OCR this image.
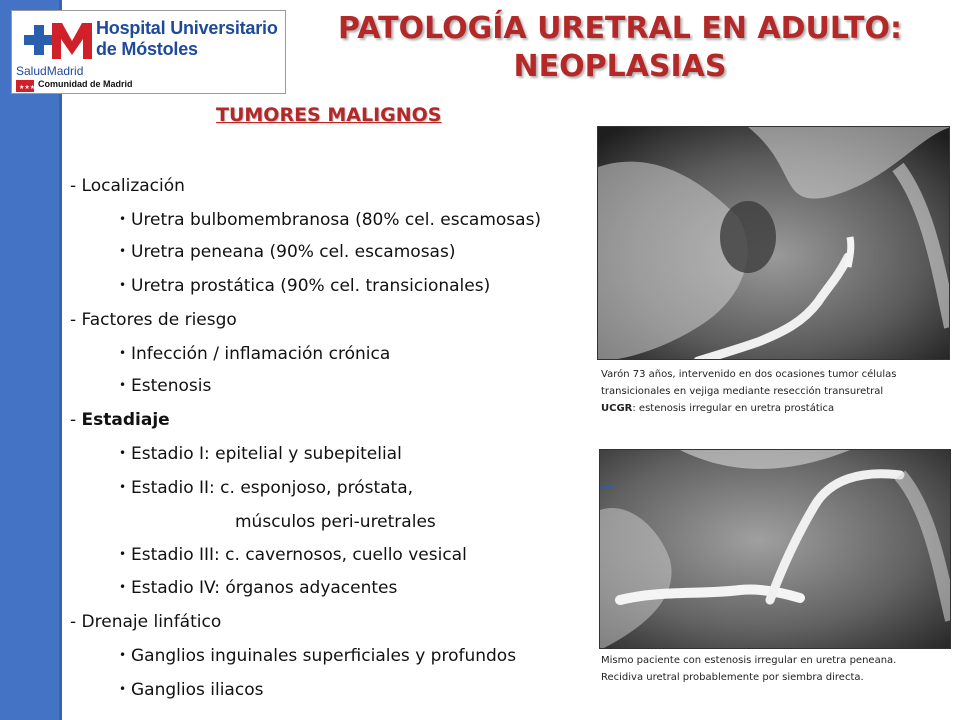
★★★
Hospital Universitario
de Móstoles
SaludMadrid
Comunidad de Madrid
PATOLOGÍA URETRAL EN ADULTO:
NEOPLASIAS
TUMORES MALIGNOS
- Localización
• Uretra bulbomembranosa (80% cel. escamosas)
• Uretra peneana (90% cel. escamosas)
• Uretra prostática (90% cel. transicionales)
- Factores de riesgo
• Infección / inflamación crónica
• Estenosis
- Estadiaje
• Estadio I: epitelial y subepitelial
• Estadio II: c. esponjoso, próstata,
músculos peri-uretrales
• Estadio III: c. cavernosos, cuello vesical
• Estadio IV: órganos adyacentes
- Drenaje linfático
• Ganglios inguinales superficiales y profundos
• Ganglios iliacos
Varón 73 años, intervenido en dos ocasiones tumor células
transicionales en vejiga mediante resección transuretral
UCGR: estenosis irregular en uretra prostática
Mismo paciente con estenosis irregular en uretra peneana.
Recidiva uretral probablemente por siembra directa.
